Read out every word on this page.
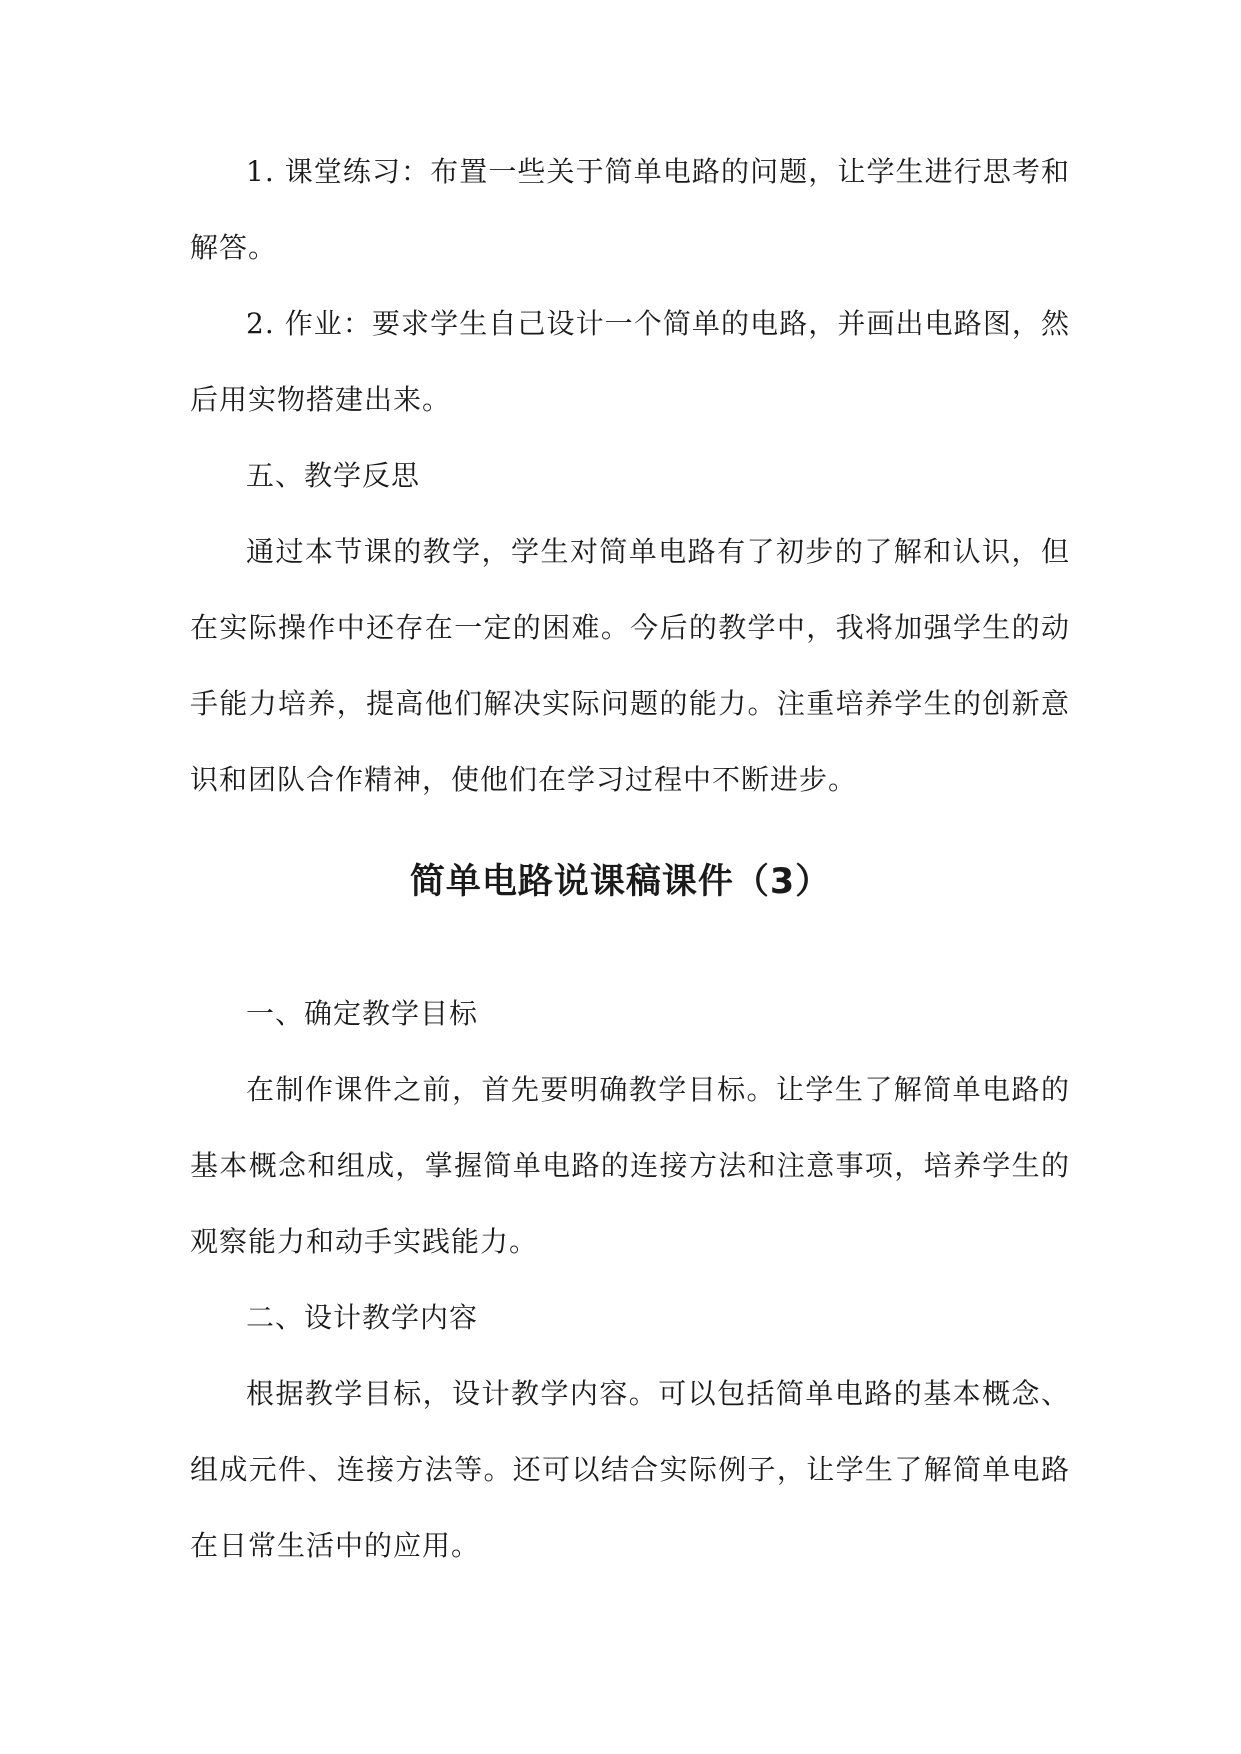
1. 课堂练习：布置一些关于简单电路的问题，让学生进行思考和解答。

2. 作业：要求学生自己设计一个简单的电路，并画出电路图，然后用实物搭建出来。

五、教学反思

通过本节课的教学，学生对简单电路有了初步的了解和认识，但在实际操作中还存在一定的困难。今后的教学中，我将加强学生的动手能力培养，提高他们解决实际问题的能力。注重培养学生的创新意识和团队合作精神，使他们在学习过程中不断进步。

简单电路说课稿课件（3）

一、确定教学目标

在制作课件之前，首先要明确教学目标。让学生了解简单电路的基本概念和组成，掌握简单电路的连接方法和注意事项，培养学生的观察能力和动手实践能力。

二、设计教学内容

根据教学目标，设计教学内容。可以包括简单电路的基本概念、组成元件、连接方法等。还可以结合实际例子，让学生了解简单电路在日常生活中的应用。
